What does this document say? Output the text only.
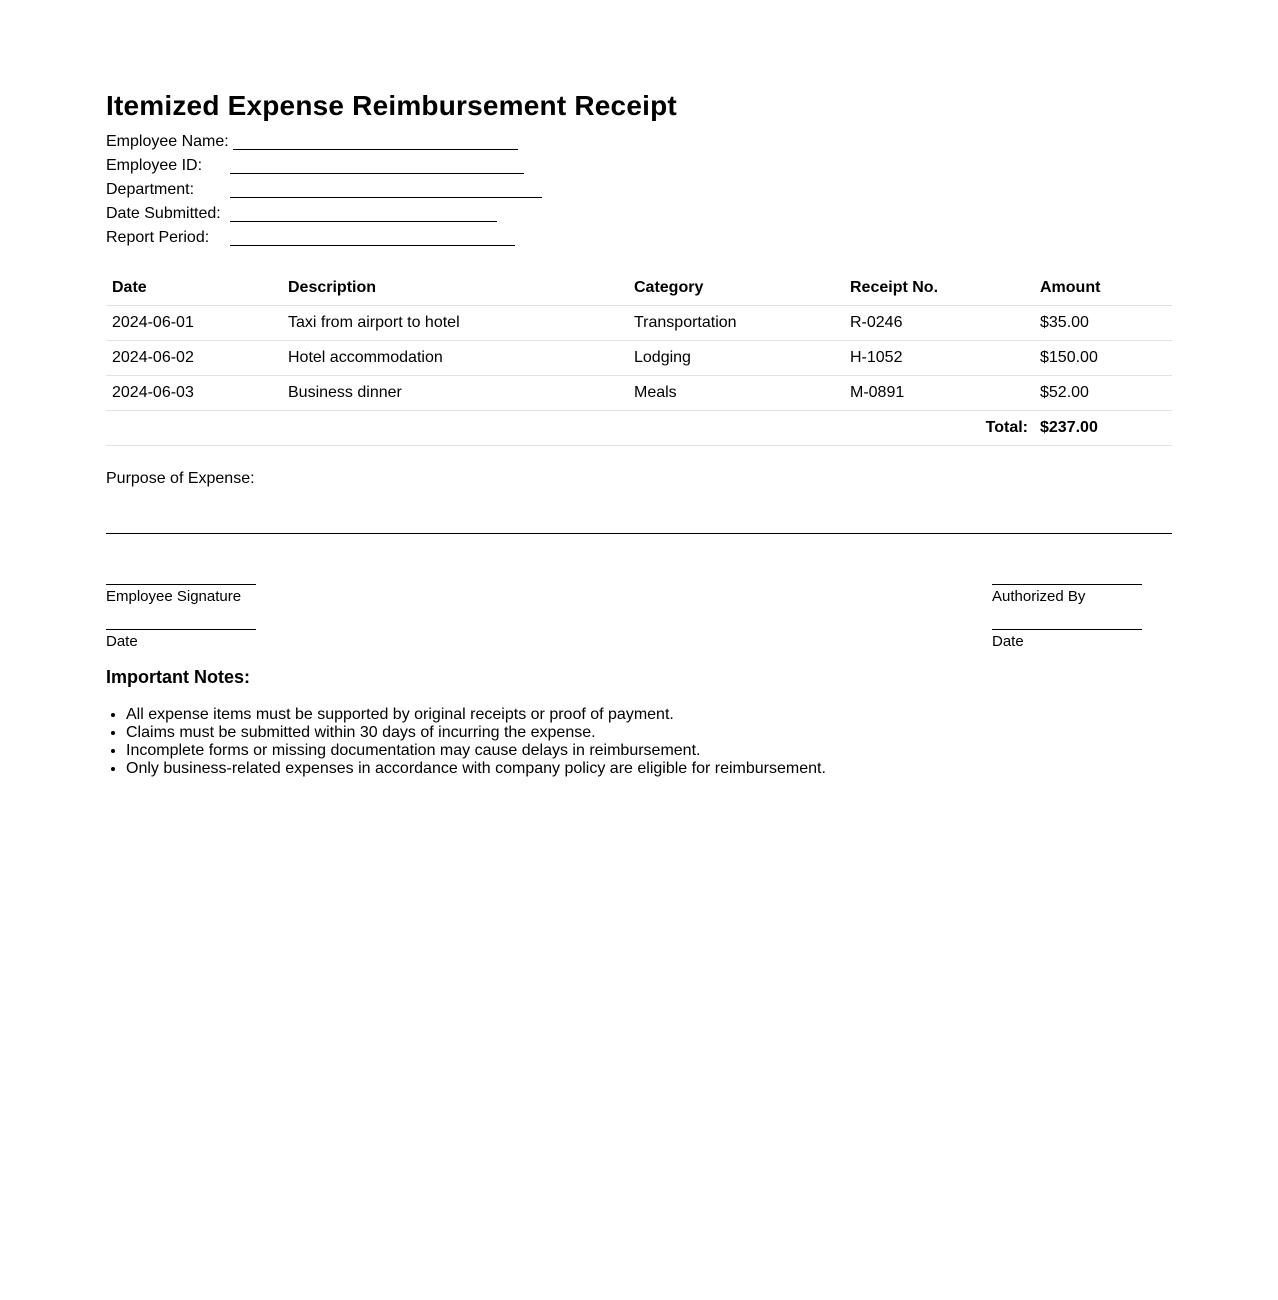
Itemized Expense Reimbursement Receipt
Employee Name:
Employee ID:
Department:
Date Submitted:
Report Period:
Date	Description	Category	Receipt No.	Amount
2024-06-01	Taxi from airport to hotel	Transportation	R-0246	$35.00
2024-06-02	Hotel accommodation	Lodging	H-1052	$150.00
2024-06-03	Business dinner	Meals	M-0891	$52.00
Total:				$237.00
Purpose of Expense:
Employee Signature
Date
Authorized By
Date
Important Notes:
• All expense items must be supported by original receipts or proof of payment.
• Claims must be submitted within 30 days of incurring the expense.
• Incomplete forms or missing documentation may cause delays in reimbursement.
• Only business-related expenses in accordance with company policy are eligible for reimbursement.
